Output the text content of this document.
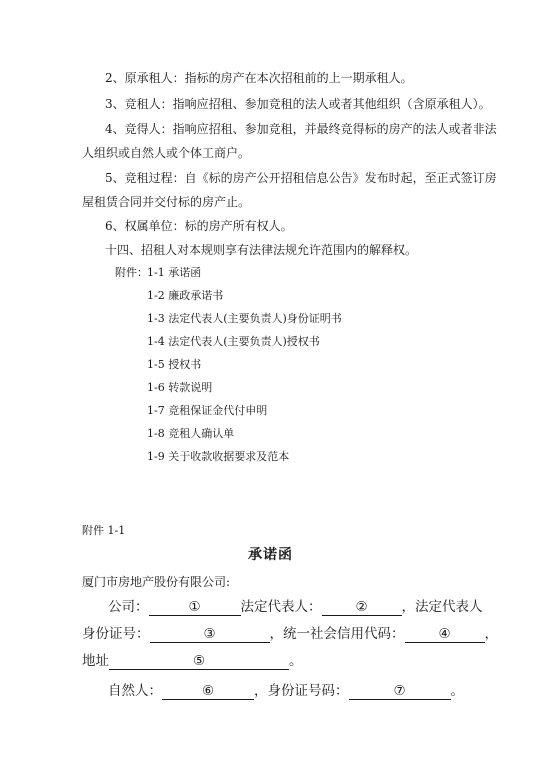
2、原承租人：指标的房产在本次招租前的上一期承租人。
3、竞租人：指响应招租、参加竞租的法人或者其他组织（含原承租人）。
4、竞得人：指响应招租、参加竞租，并最终竞得标的房产的法人或者非法
人组织或自然人或个体工商户。
5、竞租过程：自《标的房产公开招租信息公告》发布时起，至正式签订房
屋租赁合同并交付标的房产止。
6、权属单位：标的房产所有权人。
十四、招租人对本规则享有法律法规允许范围内的解释权。
附件： 1-1 承诺函
1-2 廉政承诺书
1-3 法定代表人(主要负责人)身份证明书
1-4 法定代表人(主要负责人)授权书
1-5 授权书
1-6 转款说明
1-7 竞租保证金代付申明
1-8 竞租人确认单
1-9 关于收款收据要求及范本
附件 1-1
承诺函
厦门市房地产股份有限公司:
公司：	①	法定代表人：	②	，法定代表人
身份证号：	③	，统一社会信用代码：	④	，
地址	⑤	。
自然人：	⑥	，身份证号码：	⑦	。
